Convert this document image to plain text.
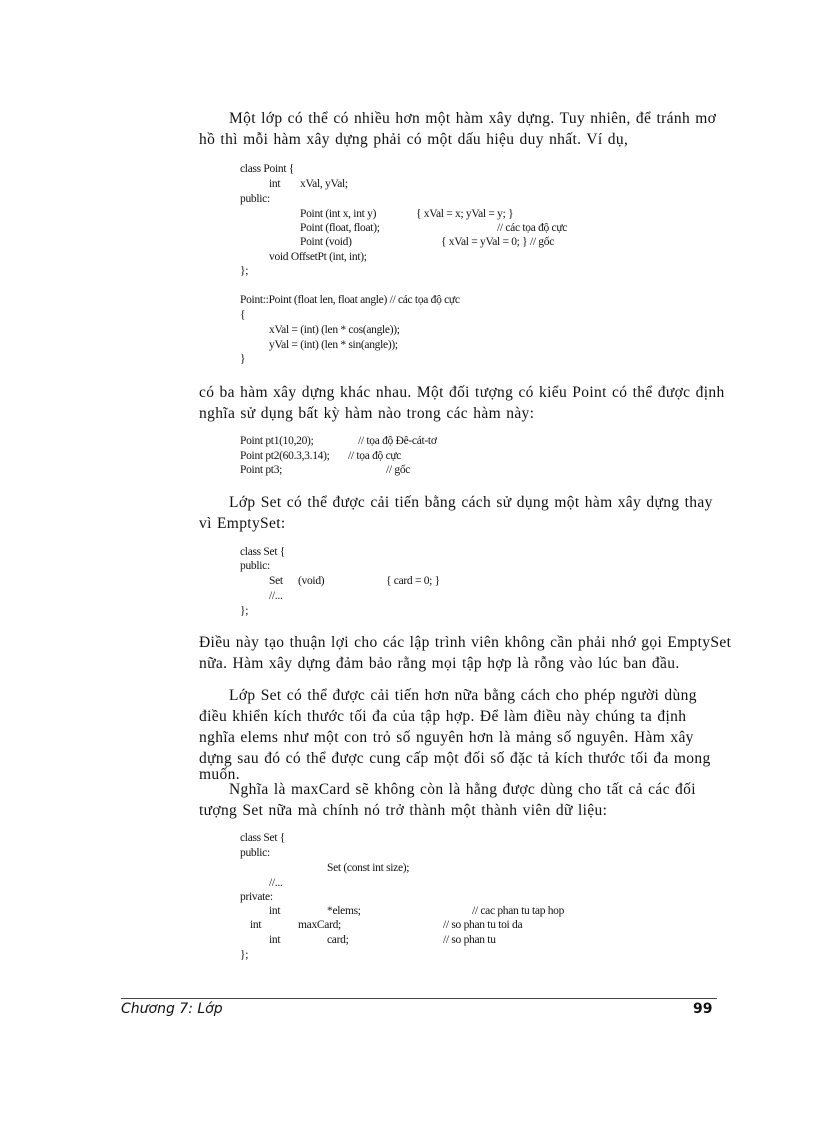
Một lớp có thể có nhiều hơn một hàm xây dựng. Tuy nhiên, để tránh mơ
hồ thì mỗi hàm xây dựng phải có một dấu hiệu duy nhất. Ví dụ,
class Point {
int xVal, yVal;
public:
Point (int x, int y)	{ xVal = x; yVal = y; }
Point (float, float);	// các tọa độ cực
Point (void)	{ xVal = yVal = 0; } // gốc
void OffsetPt (int, int);
};
Point::Point (float len, float angle) // các tọa độ cực
{
xVal = (int) (len * cos(angle));
yVal = (int) (len * sin(angle));
}
có ba hàm xây dựng khác nhau. Một đối tượng có kiểu Point có thể được định
nghĩa sử dụng bất kỳ hàm nào trong các hàm này:
Point pt1(10,20);	// tọa độ Đê-cát-tơ
Point pt2(60.3,3.14); // tọa độ cực
Point pt3;	// gốc
Lớp Set có thể được cải tiến bằng cách sử dụng một hàm xây dựng thay
vì EmptySet:
class Set {
public:
Set (void)	{ card = 0; }
//...
};
Điều này tạo thuận lợi cho các lập trình viên không cần phải nhớ gọi EmptySet
nữa. Hàm xây dựng đảm bảo rằng mọi tập hợp là rỗng vào lúc ban đầu.
Lớp Set có thể được cải tiến hơn nữa bằng cách cho phép người dùng
điều khiển kích thước tối đa của tập hợp. Để làm điều này chúng ta định
nghĩa elems như một con trỏ số nguyên hơn là mảng số nguyên. Hàm xây
dựng sau đó có thể được cung cấp một đối số đặc tả kích thước tối đa mong
muốn.
Nghĩa là maxCard sẽ không còn là hằng được dùng cho tất cả các đối
tượng Set nữa mà chính nó trở thành một thành viên dữ liệu:
class Set {
public:
Set (const int size);
//...
private:
int	*elems;	// cac phan tu tap hop
int	maxCard;	// so phan tu toi da
int	card;	// so phan tu
};
Chương 7: Lớp	99
